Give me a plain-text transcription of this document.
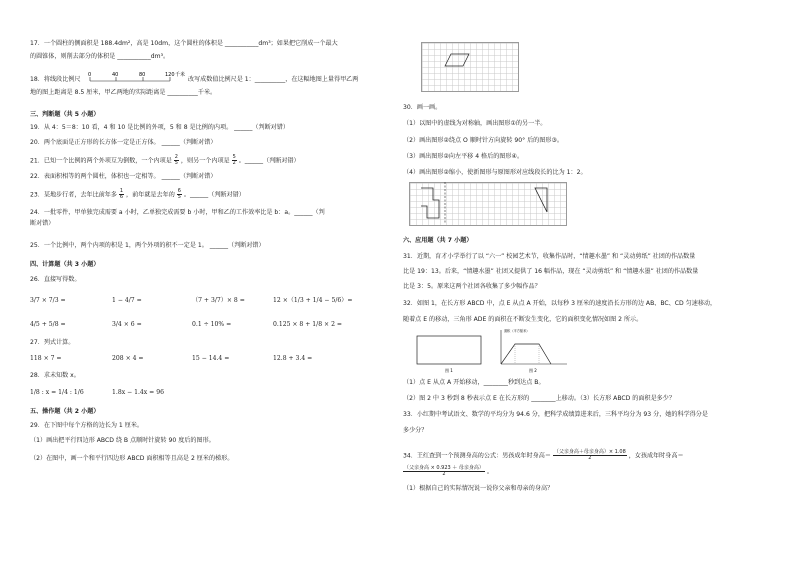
17．一个圆柱的侧面积是 188.4dm²，高是 10dm，这个圆柱的体积是 ___________dm³；如果把它削成一个最大
的圆锥体，则削去部分的体积是 ___________dm³。
18．将线段比例尺
0	40	80	120 千米
改写成数值比例尺是 1：__________，在这幅地图上量得甲乙两
地的图上距离是 8.5 厘米，甲乙两地的实际距离是 __________千米。
三、判断题（共 5 小题）
19．从 4：5＝8：10 看，4 和 10 是比例的外项，5 和 8 是比例的内项。 ______（判断对错）
20．两个底面是正方形的长方体一定是正方体。 ______（判断对错）
21．已知一个比例的两个外项互为倒数，一个内项是 $\frac{2}{5}$ ，则另一个内项是 $\frac{5}{2}$ 。______（判断对错）
22．表面积相等的两个圆柱，体积也一定相等。 ______（判断对错）
23．某地步行者，去年比前年多 $\frac{1}{6}$ ，前年就是去年的 $\frac{6}{5}$ 。______（判断对错）
24．一批零件，甲单独完成需要 a 小时，乙单独完成需要 b 小时，甲和乙的工作效率比是 b：a。______（判
断对错）
25．一个比例中，两个内项的积是 1，两个外项的积不一定是 1。 ______（判断对错）
四、计算题（共 3 小题）
26．直接写得数。
3/7 × 7/3 =	1 − 4/7 =	（7 + 3/7）× 8 =	12 ×（1/3 + 1/4 − 5/6）=
4/5 + 5/8 =	3/4 × 6 =	0.1 ÷ 10% =	0.125 × 8 + 1/8 × 2 =
27．列式计算。
118 × 7 =	208 × 4 =	15 − 14.4 =	12.8 + 3.4 =
28．求未知数 x。
1/8 : x = 1/4 : 1/6	1.8x − 1.4x = 96
五、操作题（共 2 小题）
29．在下图中每个方格的边长为 1 厘米。
（1）画出把平行四边形 ABCD 绕 B 点顺时针旋转 90 度后的图形。
（2）在图中，画一个和平行四边形 ABCD 面积相等且高是 2 厘米的梯形。
30．画一画。
（1）以图中的虚线为对称轴，画出图形①的另一半。
（2）画出图形②绕点 O 顺时针方向旋转 90° 后的图形③。
（3）画出图形②向左平移 4 格后的图形④。
（4）画出图形②缩小，使新图形与原图形对应线段长的比为 1：2。
六、应用题（共 7 小题）
31．近期，育才小学举行了以 “六一” 校园艺术节，收集作品时，“情趣水墨” 和 “灵动剪纸” 社团的作品数量
比是 19：13。后来，“情趣水墨” 社团又提供了 16 幅作品，现在 “灵动剪纸” 和 “情趣水墨” 社团的作品数量
比是 3：5。原来这两个社团各收集了多少幅作品？
32．如图 1，在长方形 ABCD 中，点 E 从点 A 开始，以每秒 3 厘米的速度沿长方形的边 AB、BC、CD 匀速移动，
随着点 E 的移动，三角形 ADE 的面积在不断发生变化，它的面积变化情况如图 2 所示。
图 1
面积（平方厘米）
图 2
（1）点 E 从点 A 开始移动，________秒到达点 B。
（2）图 2 中 3 秒到 8 秒表示点 E 在长方形的 ________上移动。（3）长方形 ABCD 的面积是多少？
33．小红期中考试语文、数学的平均分为 94.6 分，把科学成绩算进来后，三科平均分为 93 分，她的科学得分是
多少分？
34．王红查到一个预测身高的公式：男孩成年时身高＝ $\frac{\text{（父亲身高＋母亲身高）× 1.08}}{2}$ ，女孩成年时身高＝
$\frac{\text{（父亲身高 × 0.923 ＋ 母亲身高）}}{2}$ 。
（1）根据自己的实际情况说一说你父亲和母亲的身高？
